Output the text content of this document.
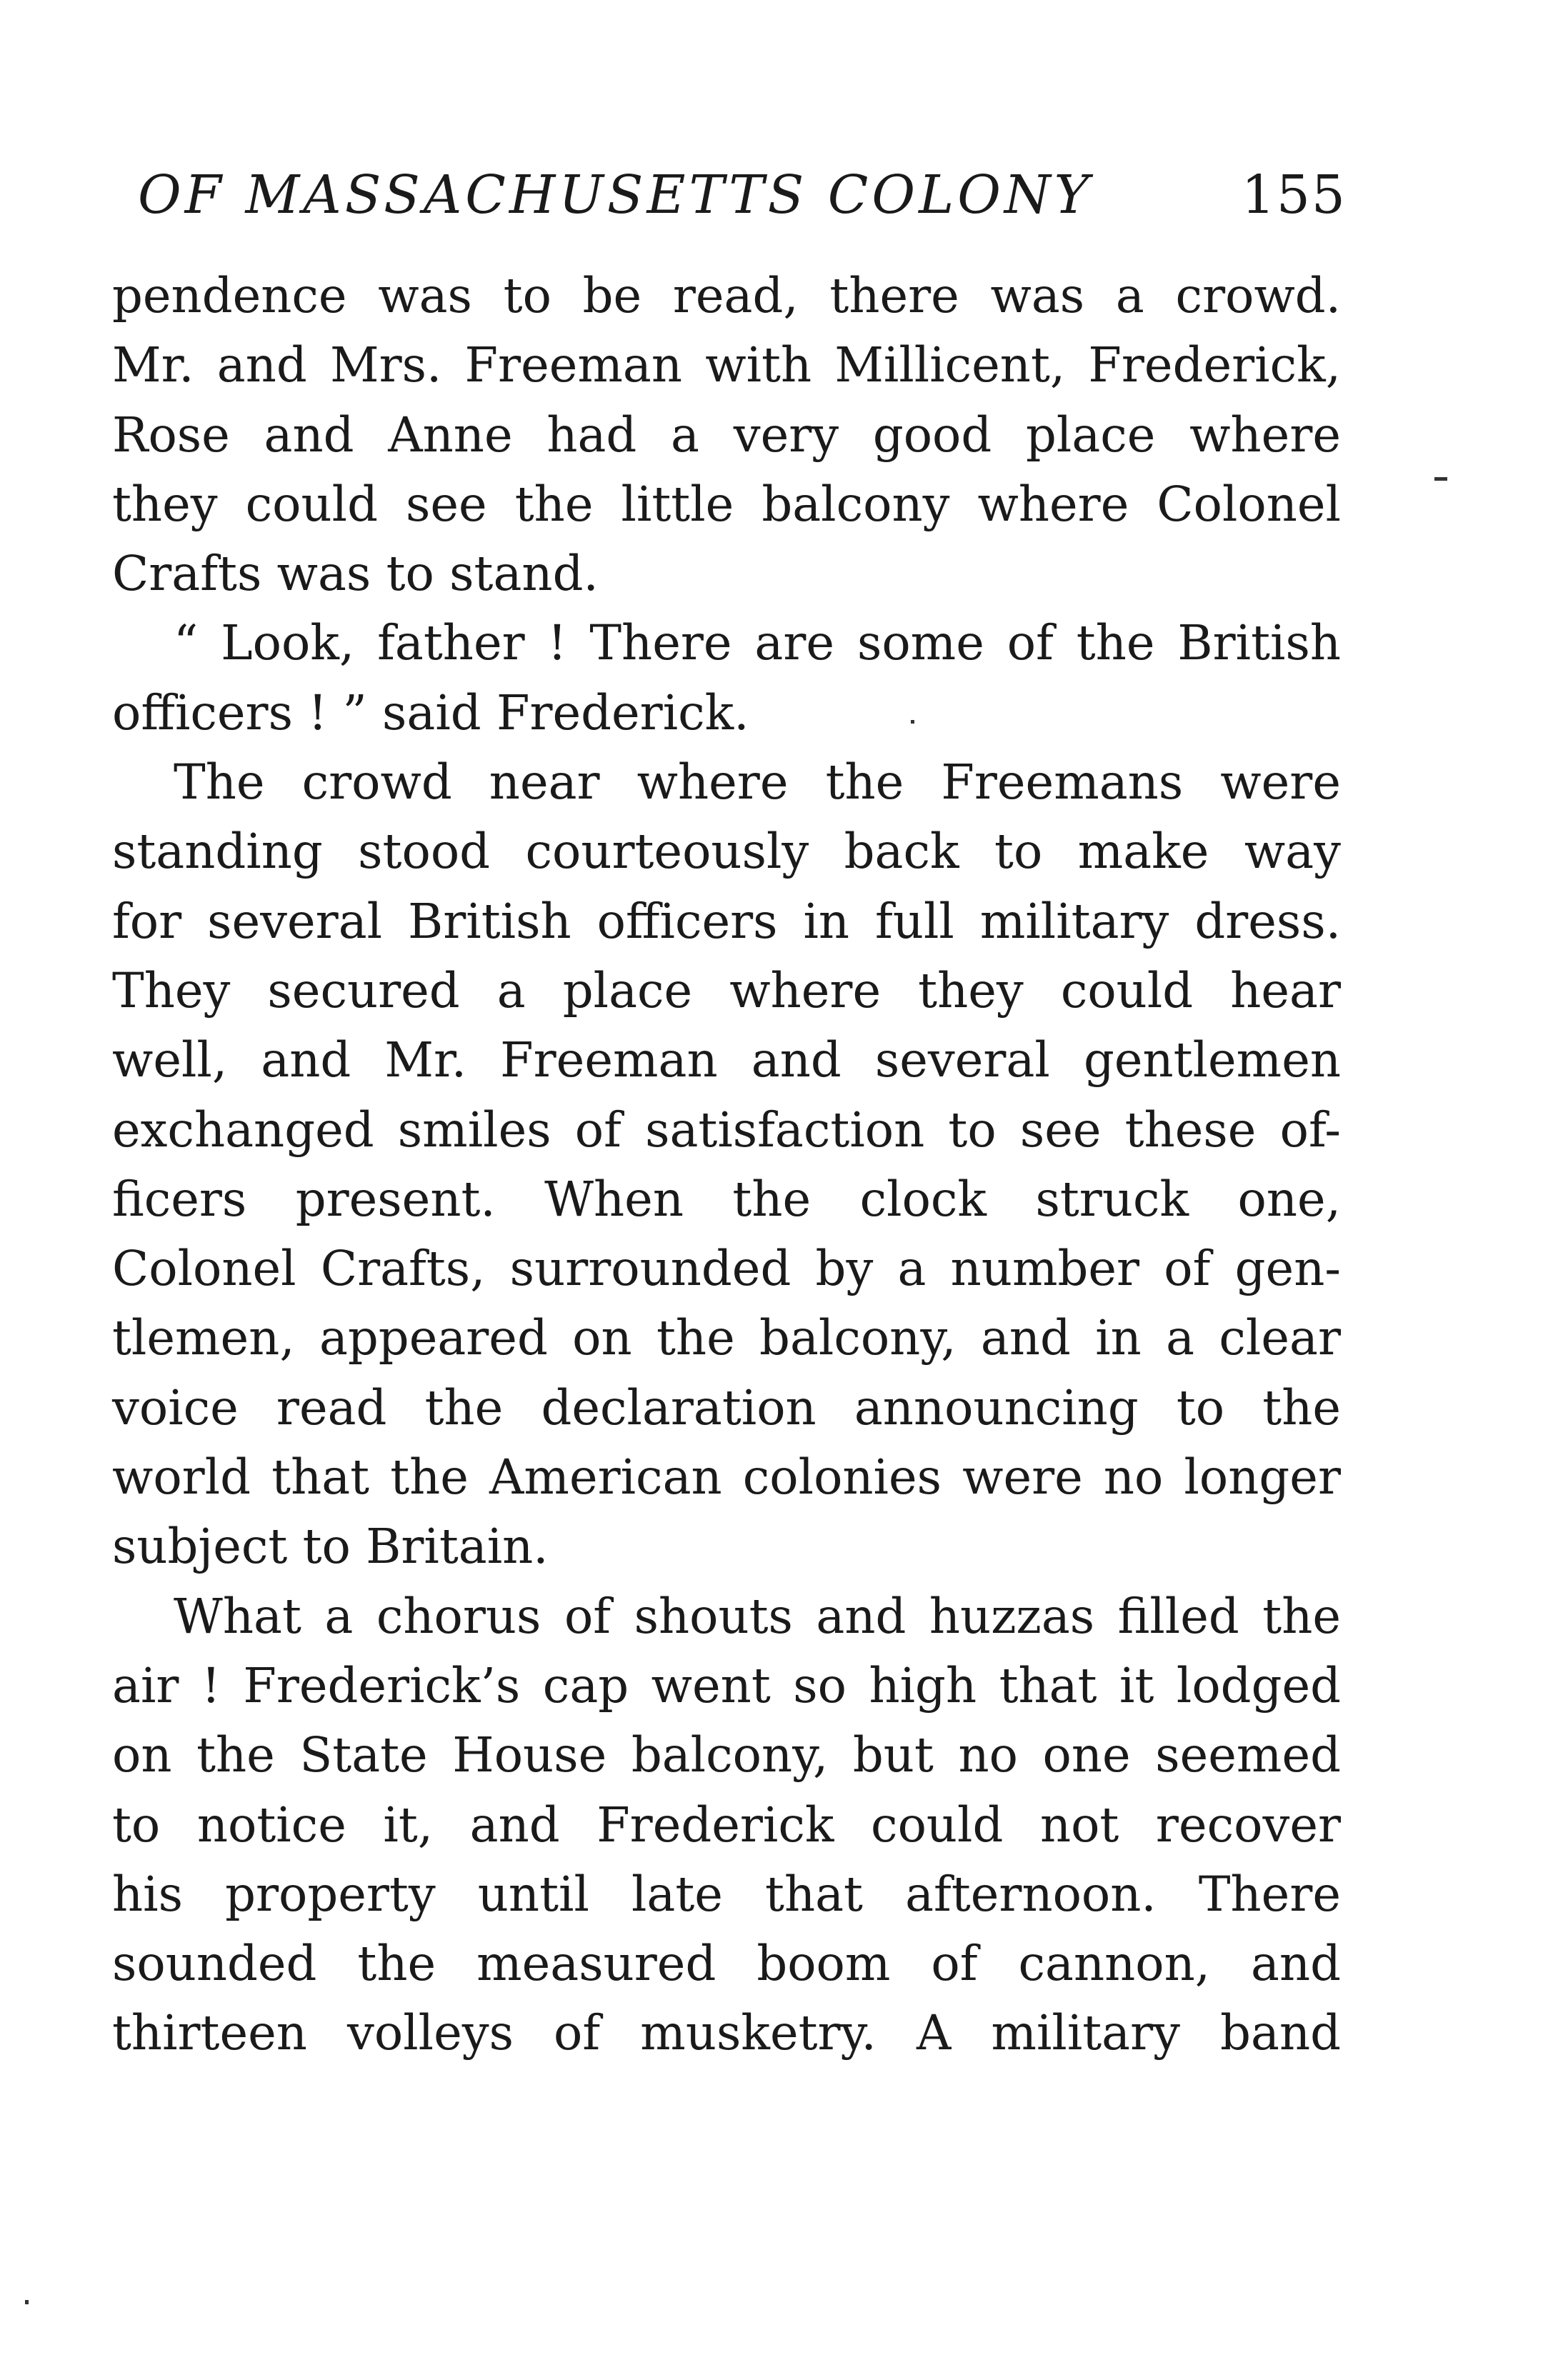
OF MASSACHUSETTS COLONY	155
pendence was to be read, there was a crowd.
Mr. and Mrs. Freeman with Millicent, Frederick,
Rose and Anne had a very good place where
they could see the little balcony where Colonel
Crafts was to stand.
“ Look, father ! There are some of the British
officers ! ” said Frederick.
The crowd near where the Freemans were
standing stood courteously back to make way
for several British officers in full military dress.
They secured a place where they could hear
well, and Mr. Freeman and several gentlemen
exchanged smiles of satisfaction to see these of-
ficers present. When the clock struck one,
Colonel Crafts, surrounded by a number of gen-
tlemen, appeared on the balcony, and in a clear
voice read the declaration announcing to the
world that the American colonies were no longer
subject to Britain.
What a chorus of shouts and huzzas filled the
air ! Frederick’s cap went so high that it lodged
on the State House balcony, but no one seemed
to notice it, and Frederick could not recover
his property until late that afternoon. There
sounded the measured boom of cannon, and
thirteen volleys of musketry. A military band
